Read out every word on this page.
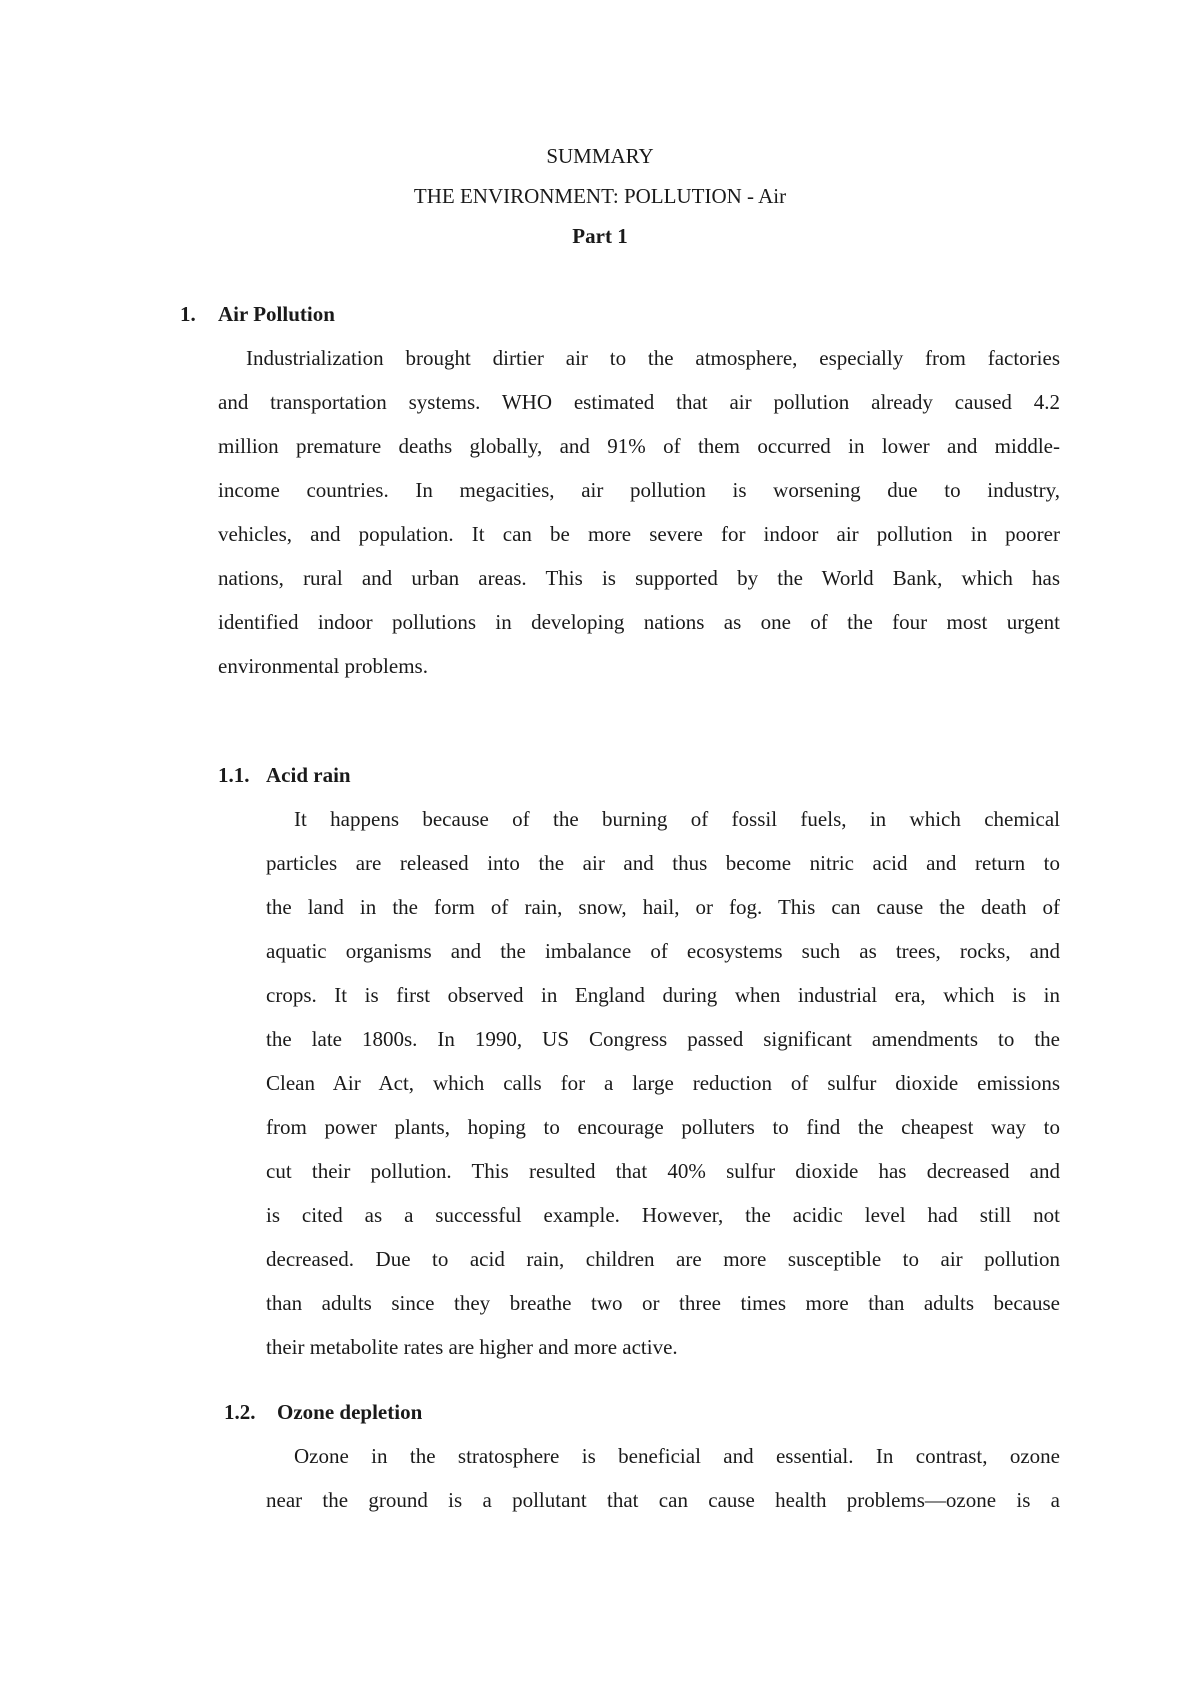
SUMMARY
THE ENVIRONMENT: POLLUTION - Air
Part 1
1. Air Pollution
Industrialization brought dirtier air to the atmosphere, especially from factories
and transportation systems. WHO estimated that air pollution already caused 4.2
million premature deaths globally, and 91% of them occurred in lower and middle-
income countries. In megacities, air pollution is worsening due to industry,
vehicles, and population. It can be more severe for indoor air pollution in poorer
nations, rural and urban areas. This is supported by the World Bank, which has
identified indoor pollutions in developing nations as one of the four most urgent
environmental problems.
1.1. Acid rain
It happens because of the burning of fossil fuels, in which chemical
particles are released into the air and thus become nitric acid and return to
the land in the form of rain, snow, hail, or fog. This can cause the death of
aquatic organisms and the imbalance of ecosystems such as trees, rocks, and
crops. It is first observed in England during when industrial era, which is in
the late 1800s. In 1990, US Congress passed significant amendments to the
Clean Air Act, which calls for a large reduction of sulfur dioxide emissions
from power plants, hoping to encourage polluters to find the cheapest way to
cut their pollution. This resulted that 40% sulfur dioxide has decreased and
is cited as a successful example. However, the acidic level had still not
decreased. Due to acid rain, children are more susceptible to air pollution
than adults since they breathe two or three times more than adults because
their metabolite rates are higher and more active.
1.2. Ozone depletion
Ozone in the stratosphere is beneficial and essential. In contrast, ozone
near the ground is a pollutant that can cause health problems—ozone is a
